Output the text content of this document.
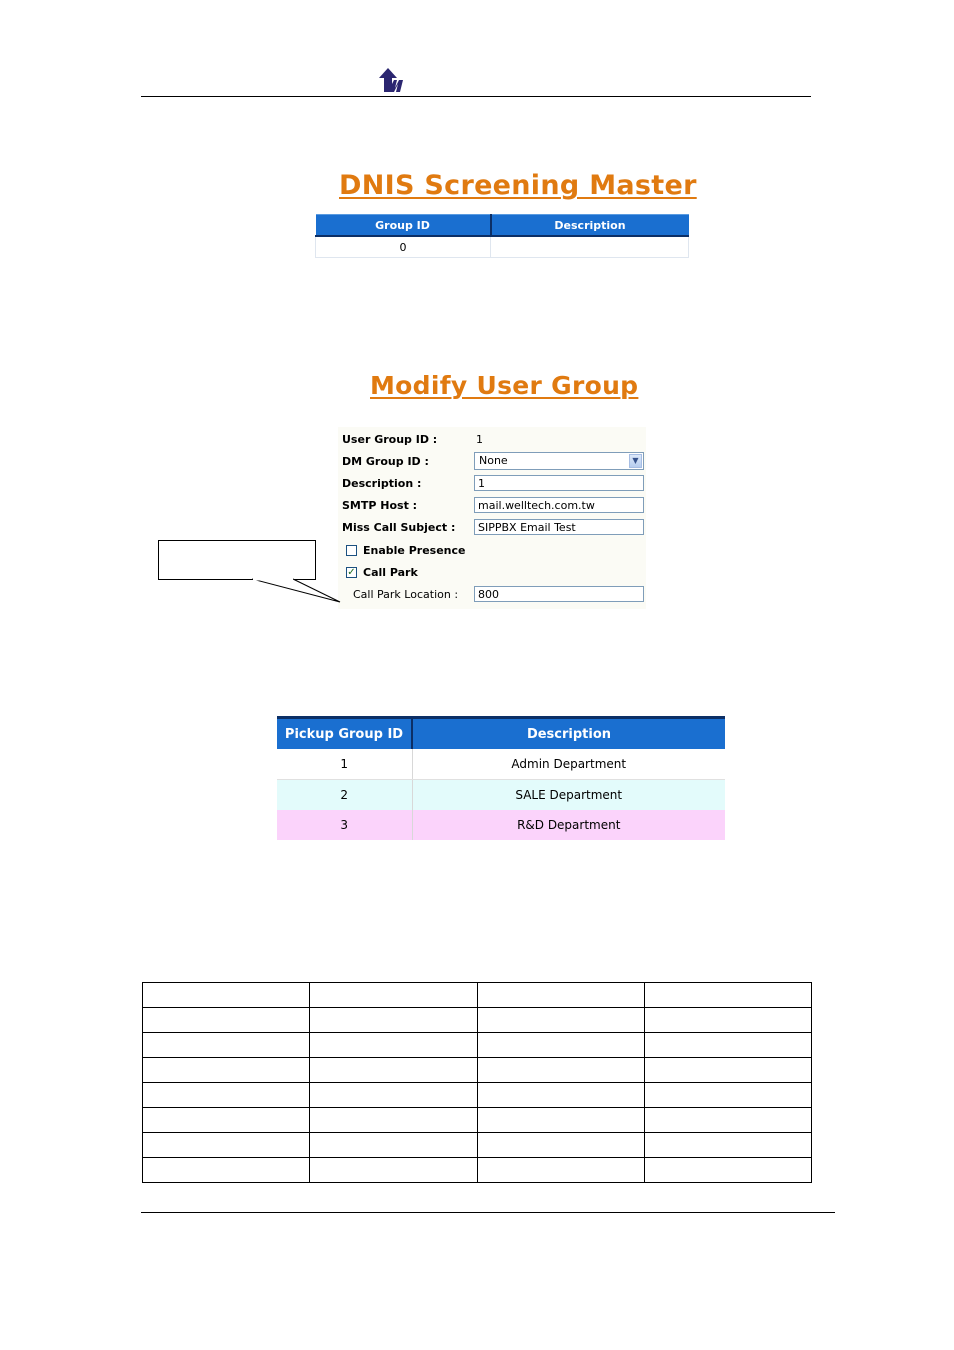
DNIS Screening Master
Group ID	Description
0	
Modify User Group
User Group ID :	1
DM Group ID :	None	▼
Description :	1
SMTP Host :	mail.welltech.com.tw
Miss Call Subject :	SIPPBX Email Test
Enable Presence
✓ Call Park
Call Park Location :	800
Pickup Group ID	Description
1	Admin Department
2	SALE Department
3	R&D Department
